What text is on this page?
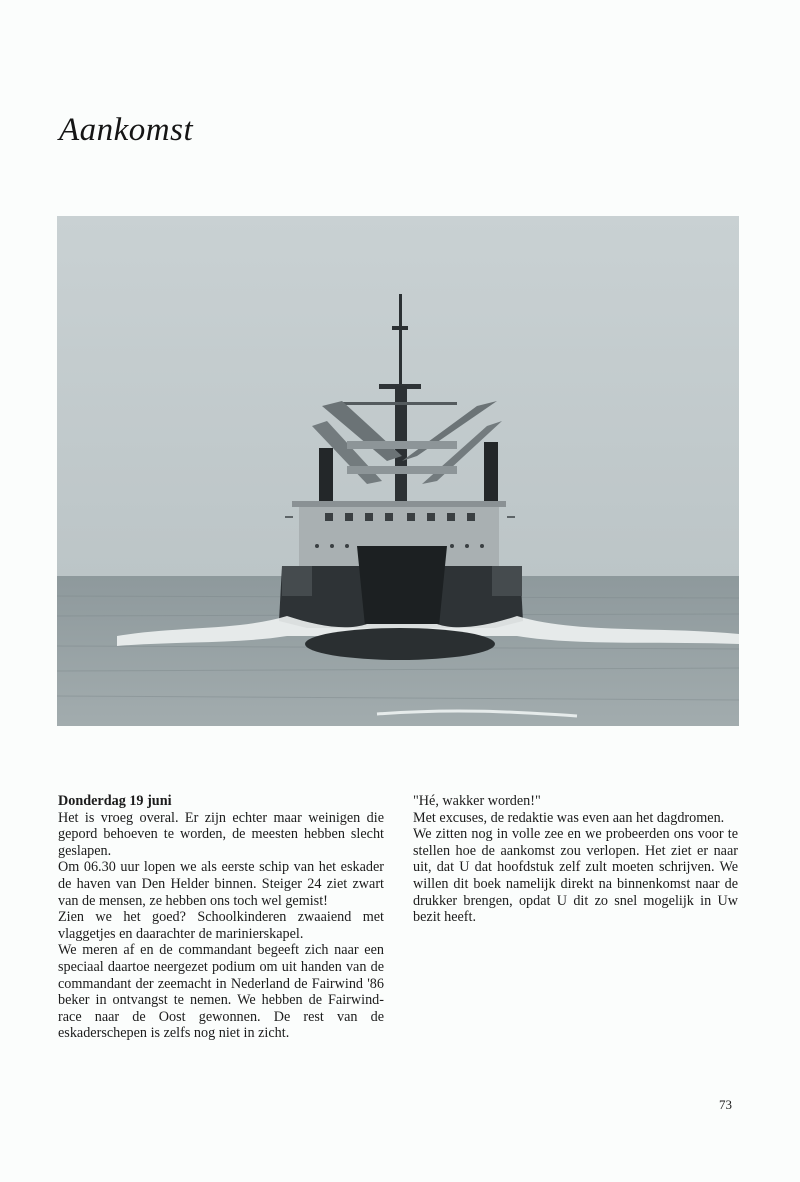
Aankomst

Donderdag 19 juni

Het is vroeg overal. Er zijn echter maar weinigen die gepord behoeven te worden, de meesten hebben slecht geslapen.

Om 06.30 uur lopen we als eerste schip van het eskader de haven van Den Helder binnen. Steiger 24 ziet zwart van de mensen, ze hebben ons toch wel gemist!

Zien we het goed? Schoolkinderen zwaaiend met vlaggetjes en daarachter de marinierskapel.

We meren af en de commandant begeeft zich naar een speciaal daartoe neergezet podium om uit handen van de commandant der zeemacht in Nederland de Fairwind '86 beker in ontvangst te nemen. We hebben de Fairwind-race naar de Oost gewonnen. De rest van de eskaderschepen is zelfs nog niet in zicht.

"Hé, wakker worden!"

Met excuses, de redaktie was even aan het dagdromen.

We zitten nog in volle zee en we probeerden ons voor te stellen hoe de aankomst zou verlopen. Het ziet er naar uit, dat U dat hoofdstuk zelf zult moeten schrijven. We willen dit boek namelijk direkt na binnenkomst naar de drukker brengen, opdat U dit zo snel mogelijk in Uw bezit heeft.

73
